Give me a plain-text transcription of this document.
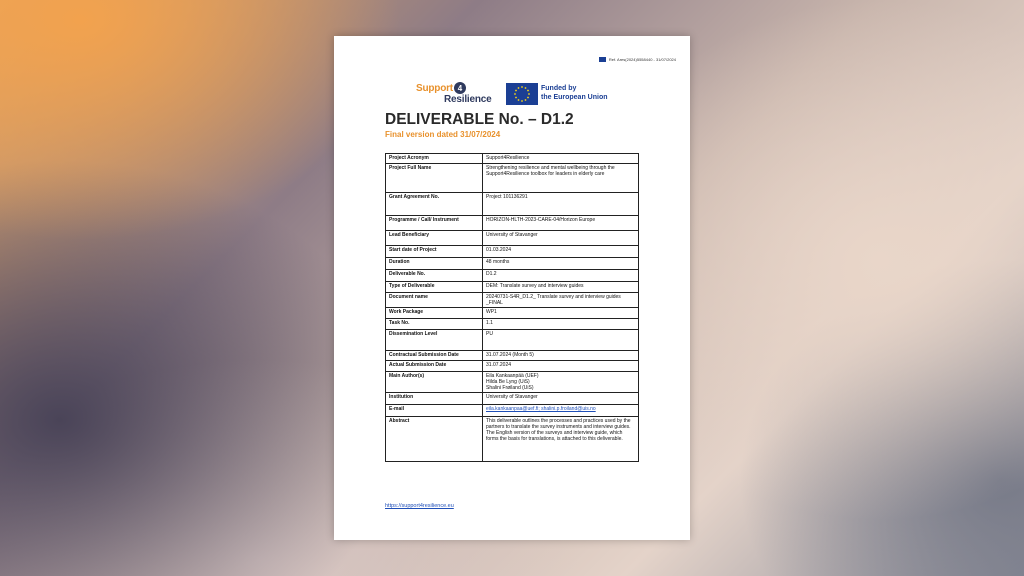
Ref. Ares(2024)5558440 - 31/07/2024
Support 4
Resilience
Funded by
the European Union
DELIVERABLE No. – D1.2
Final version dated 31/07/2024
Project Acronym	Support4Resilience
Project Full Name	Strengthening resilience and mental wellbeing through the Support4Resilience toolbox for leaders in elderly care
Grant Agreement No.	Project 101136291
Programme / Call/ Instrument	HORIZON-HLTH-2023-CARE-04/Horizon Europe
Lead Beneficiary	University of Stavanger
Start date of Project	01.03.2024
Duration	48 months
Deliverable No.	D1.2
Type of Deliverable	DEM: Translate survey and interview guides
Document name	20240731-S4R_D1.2_ Translate survey and interview guides _FINAL
Work Package	WP1
Task No.	1.1
Dissemination Level	PU
Contractual Submission Date	31.07.2024 (Month 5)
Actual Submission Date	31.07.2024
Main Author(s)	Eila Kankaanpää (UEF)
Hilda Be Lyng (UiS)
Shalini Frøiland (UiS)
Institution	University of Stavanger
E-mail	eila.kankaanpaa@uef.fi; shalini.p.froiland@uis.no
Abstract	This deliverable outlines the processes and practices used by the partners to translate the survey instruments and interview guides. The English version of the surveys and interview guide, which forms the basis for translations, is attached to this deliverable.
https://support4resilience.eu
